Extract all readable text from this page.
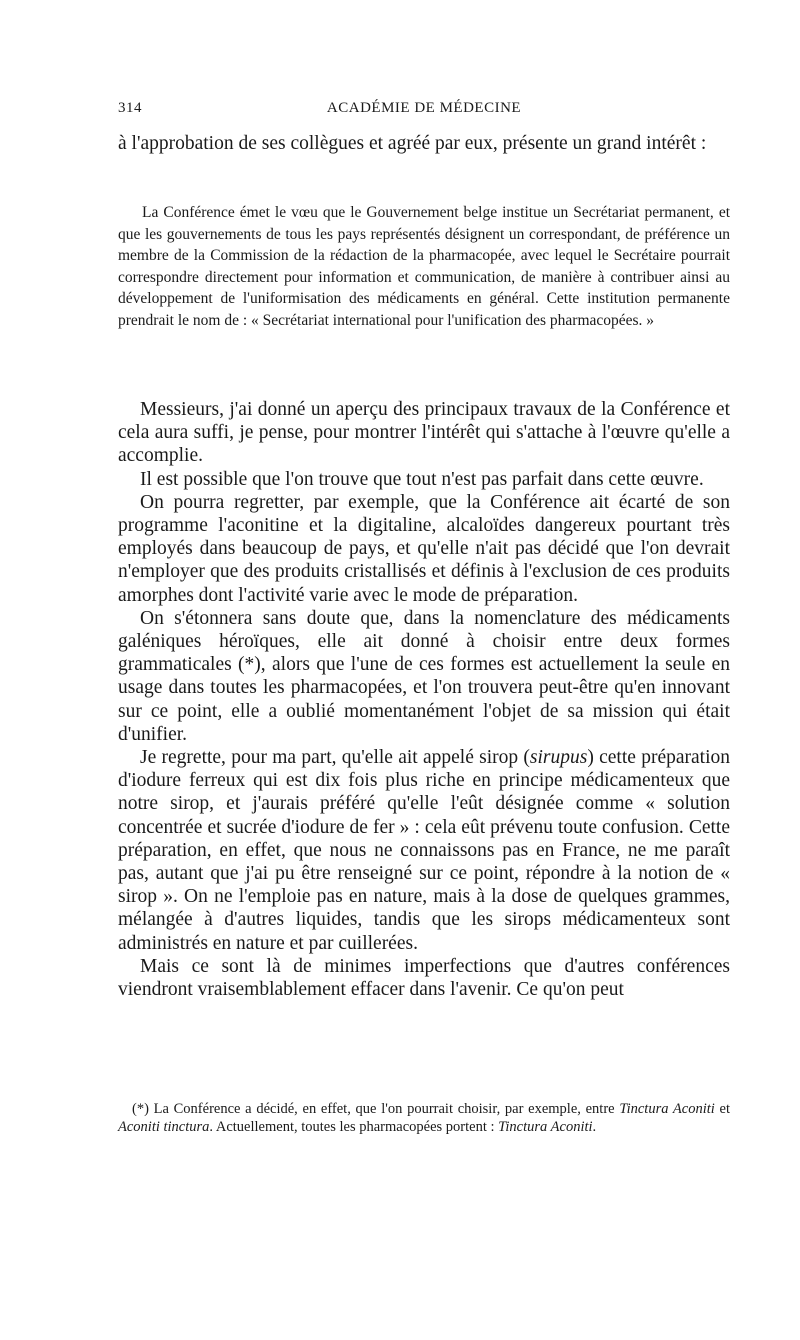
314	ACADÉMIE DE MÉDECINE

à l'approbation de ses collègues et agréé par eux, présente un grand intérêt :

La Conférence émet le vœu que le Gouvernement belge institue un Secrétariat permanent, et que les gouvernements de tous les pays représentés désignent un correspondant, de préférence un membre de la Commission de la rédaction de la pharmacopée, avec lequel le Secrétaire pourrait correspondre directement pour information et communication, de manière à contribuer ainsi au développement de l'uniformisation des médicaments en général. Cette institution permanente prendrait le nom de : « Secrétariat international pour l'unification des pharmacopées. »

Messieurs, j'ai donné un aperçu des principaux travaux de la Conférence et cela aura suffi, je pense, pour montrer l'intérêt qui s'attache à l'œuvre qu'elle a accomplie.

Il est possible que l'on trouve que tout n'est pas parfait dans cette œuvre.

On pourra regretter, par exemple, que la Conférence ait écarté de son programme l'aconitine et la digitaline, alcaloïdes dangereux pourtant très employés dans beaucoup de pays, et qu'elle n'ait pas décidé que l'on devrait n'employer que des produits cristallisés et définis à l'exclusion de ces produits amorphes dont l'activité varie avec le mode de préparation.

On s'étonnera sans doute que, dans la nomenclature des médicaments galéniques héroïques, elle ait donné à choisir entre deux formes grammaticales (*), alors que l'une de ces formes est actuellement la seule en usage dans toutes les pharmacopées, et l'on trouvera peut-être qu'en innovant sur ce point, elle a oublié momentanément l'objet de sa mission qui était d'unifier.

Je regrette, pour ma part, qu'elle ait appelé sirop (sirupus) cette préparation d'iodure ferreux qui est dix fois plus riche en principe médicamenteux que notre sirop, et j'aurais préféré qu'elle l'eût désignée comme « solution concentrée et sucrée d'iodure de fer » : cela eût prévenu toute confusion. Cette préparation, en effet, que nous ne connaissons pas en France, ne me paraît pas, autant que j'ai pu être renseigné sur ce point, répondre à la notion de « sirop ». On ne l'emploie pas en nature, mais à la dose de quelques grammes, mélangée à d'autres liquides, tandis que les sirops médicamenteux sont administrés en nature et par cuillerées.

Mais ce sont là de minimes imperfections que d'autres conférences viendront vraisemblablement effacer dans l'avenir. Ce qu'on peut

(*) La Conférence a décidé, en effet, que l'on pourrait choisir, par exemple, entre Tinctura Aconiti et Aconiti tinctura. Actuellement, toutes les pharmacopées portent : Tinctura Aconiti.
